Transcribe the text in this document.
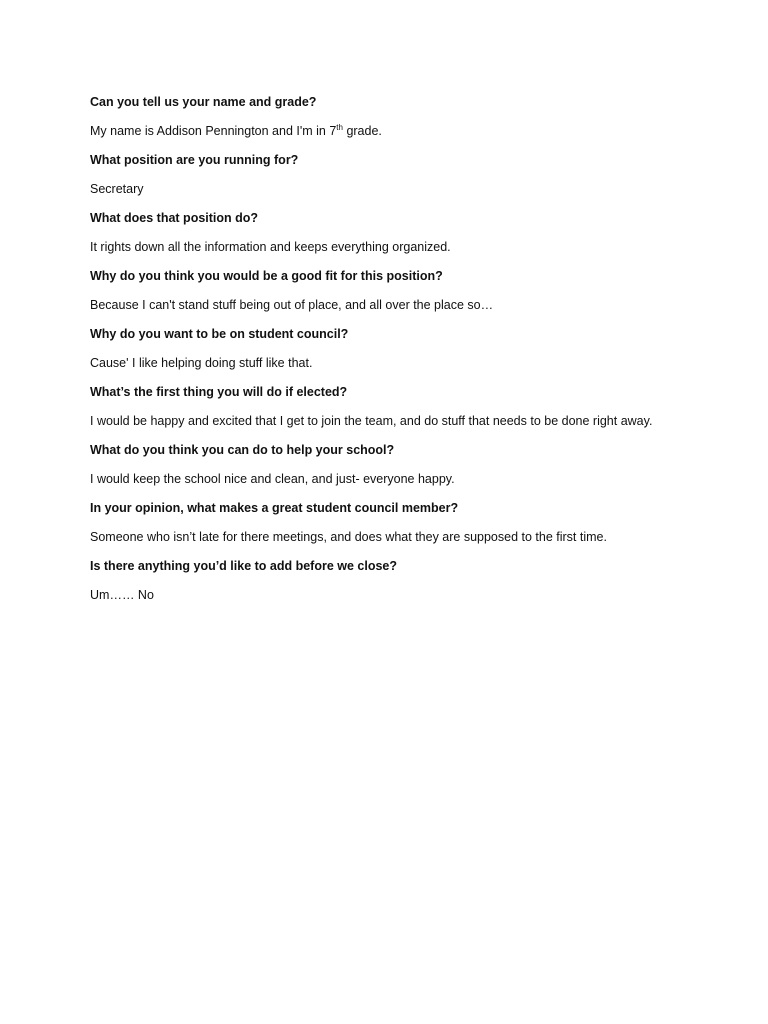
Can you tell us your name and grade?

My name is Addison Pennington and I'm in 7th grade.

What position are you running for?

Secretary

What does that position do?

It rights down all the information and keeps everything organized.

Why do you think you would be a good fit for this position?

Because I can't stand stuff being out of place, and all over the place so…

Why do you want to be on student council?

Cause' I like helping doing stuff like that.

What’s the first thing you will do if elected?

I would be happy and excited that I get to join the team, and do stuff that needs to be done right away.

What do you think you can do to help your school?

I would keep the school nice and clean, and just- everyone happy.

In your opinion, what makes a great student council member?

Someone who isn’t late for there meetings, and does what they are supposed to the first time.

Is there anything you’d like to add before we close?

Um…… No
